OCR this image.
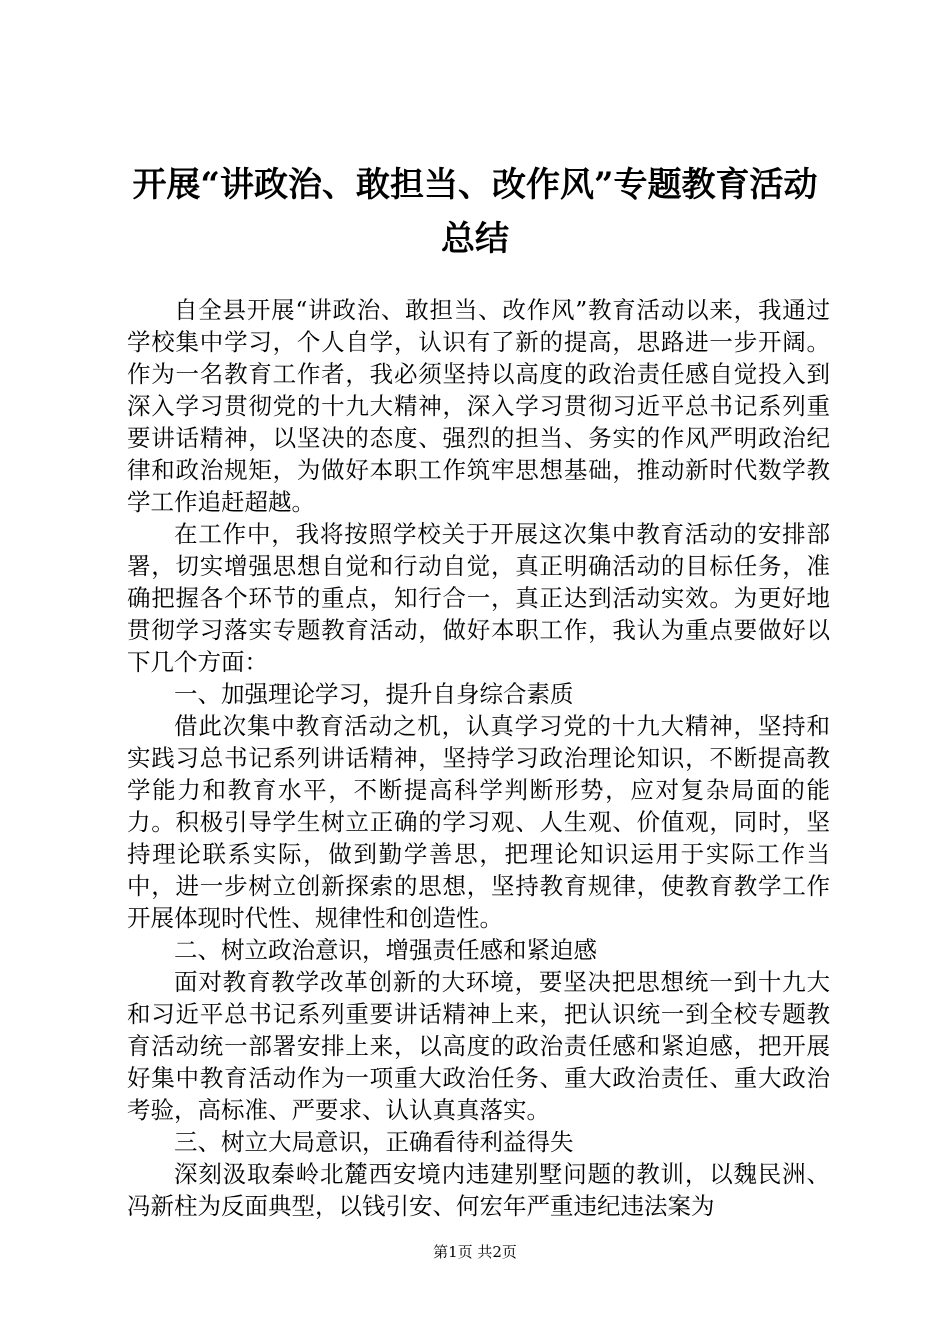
开展“讲政治、敢担当、改作风”专题教育活动总结

自全县开展“讲政治、敢担当、改作风”教育活动以来，我通过学校集中学习，个人自学，认识有了新的提高，思路进一步开阔。作为一名教育工作者，我必须坚持以高度的政治责任感自觉投入到深入学习贯彻党的十九大精神，深入学习贯彻习近平总书记系列重要讲话精神，以坚决的态度、强烈的担当、务实的作风严明政治纪律和政治规矩，为做好本职工作筑牢思想基础，推动新时代数学教学工作追赶超越。

在工作中，我将按照学校关于开展这次集中教育活动的安排部署，切实增强思想自觉和行动自觉，真正明确活动的目标任务，准确把握各个环节的重点，知行合一，真正达到活动实效。为更好地贯彻学习落实专题教育活动，做好本职工作，我认为重点要做好以下几个方面：

一、加强理论学习，提升自身综合素质

借此次集中教育活动之机，认真学习党的十九大精神，坚持和实践习总书记系列讲话精神，坚持学习政治理论知识，不断提高教学能力和教育水平，不断提高科学判断形势，应对复杂局面的能力。积极引导学生树立正确的学习观、人生观、价值观，同时，坚持理论联系实际，做到勤学善思，把理论知识运用于实际工作当中，进一步树立创新探索的思想，坚持教育规律，使教育教学工作开展体现时代性、规律性和创造性。

二、树立政治意识，增强责任感和紧迫感

面对教育教学改革创新的大环境，要坚决把思想统一到十九大和习近平总书记系列重要讲话精神上来，把认识统一到全校专题教育活动统一部署安排上来，以高度的政治责任感和紧迫感，把开展好集中教育活动作为一项重大政治任务、重大政治责任、重大政治考验，高标准、严要求、认认真真落实。

三、树立大局意识，正确看待利益得失

深刻汲取秦岭北麓西安境内违建别墅问题的教训，以魏民洲、冯新柱为反面典型，以钱引安、何宏年严重违纪违法案为

第1页 共2页
